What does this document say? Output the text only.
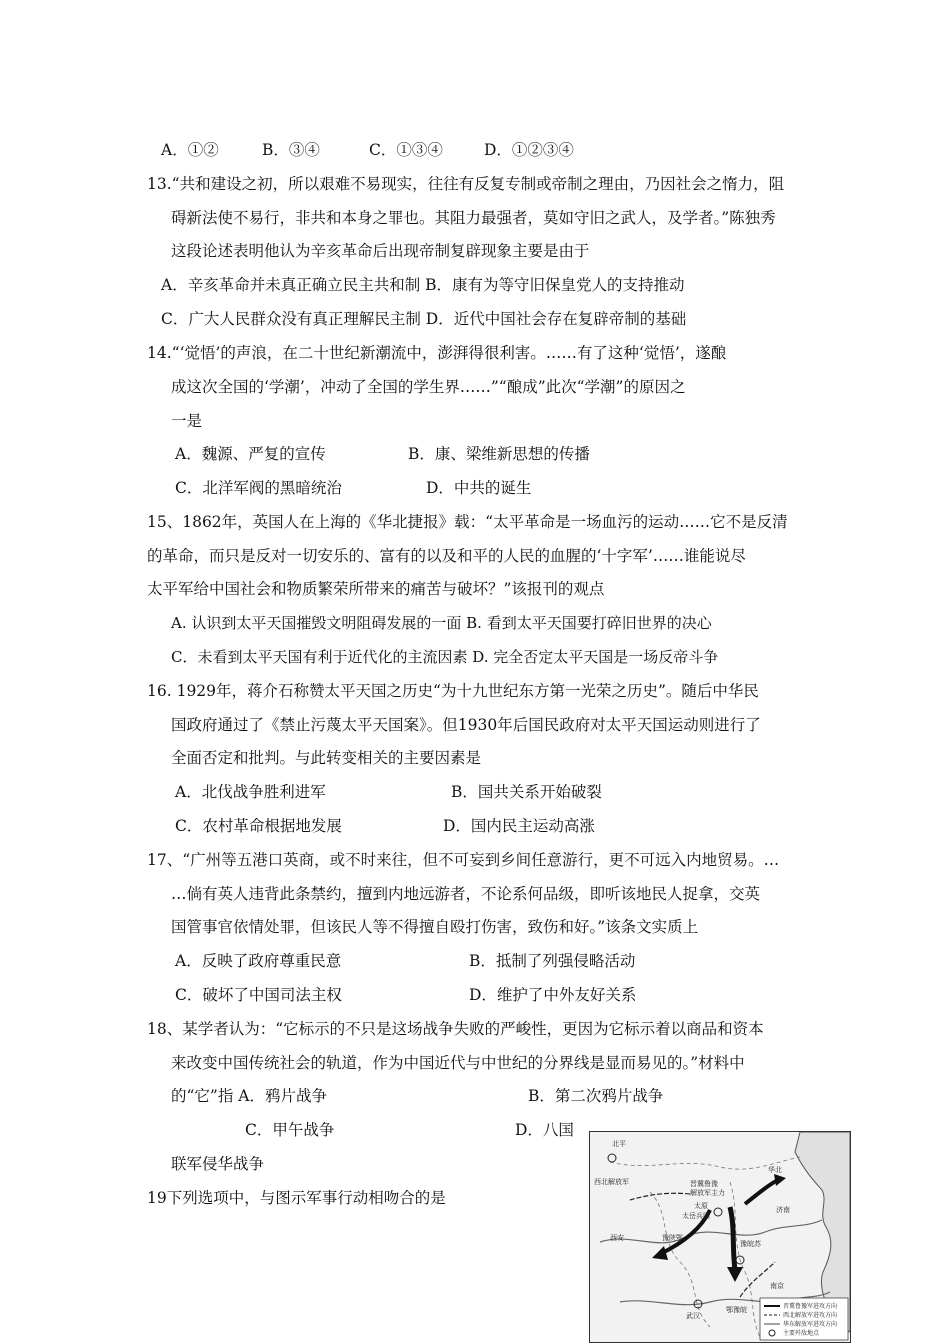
A．①②	B．③④	C．①③④	D．①②③④
13.“共和建设之初，所以艰难不易现实，往往有反复专制或帝制之理由，乃因社会之惰力，阻
碍新法使不易行，非共和本身之罪也。其阻力最强者，莫如守旧之武人，及学者。”陈独秀
这段论述表明他认为辛亥革命后出现帝制复辟现象主要是由于
A．辛亥革命并未真正确立民主共和制 B．康有为等守旧保皇党人的支持推动
C．广大人民群众没有真正理解民主制 D．近代中国社会存在复辟帝制的基础
14.“‘觉悟’的声浪，在二十世纪新潮流中，澎湃得很利害。……有了这种‘觉悟’，遂酿
成这次全国的‘学潮’，冲动了全国的学生界……”“酿成”此次“学潮”的原因之
一是
A．魏源、严复的宣传	B．康、梁维新思想的传播
C．北洋军阀的黑暗统治	D．中共的诞生
15、1862年，英国人在上海的《华北捷报》载：“太平革命是一场血污的运动……它不是反清
的革命，而只是反对一切安乐的、富有的以及和平的人民的血腥的‘十字军’……谁能说尽
太平军给中国社会和物质繁荣所带来的痛苦与破坏？”该报刊的观点
A. 认识到太平天国摧毁文明阻碍发展的一面 B. 看到太平天国要打碎旧世界的决心
C．未看到太平天国有利于近代化的主流因素 D. 完全否定太平天国是一场反帝斗争
16. 1929年，蒋介石称赞太平天国之历史“为十九世纪东方第一光荣之历史”。随后中华民
国政府通过了《禁止污蔑太平天国案》。但1930年后国民政府对太平天国运动则进行了
全面否定和批判。与此转变相关的主要因素是
A．北伐战争胜利进军	B．国共关系开始破裂
C．农村革命根据地发展	D．国内民主运动高涨
17、“广州等五港口英商，或不时来往，但不可妄到乡间任意游行，更不可远入内地贸易。…
…倘有英人违背此条禁约，擅到内地远游者，不论系何品级，即听该地民人捉拿，交英
国管事官依情处罪，但该民人等不得擅自殴打伤害，致伤和好。”该条文实质上
A．反映了政府尊重民意	B．抵制了列强侵略活动
C．破坏了中国司法主权	D．维护了中外友好关系
18、某学者认为：“它标示的不只是这场战争失败的严峻性，更因为它标示着以商品和资本
来改变中国传统社会的轨道，作为中国近代与中世纪的分界线是显而易见的。”材料中
的“它”指 A．鸦片战争	B．第二次鸦片战争
C．甲午战争	D．八国
联军侵华战争
19下列选项中，与图示军事行动相吻合的是
北平
西北解放军	晋冀鲁豫
解放军主力
华北
太岳兵团
豫陕鄂
豫皖苏
鄂豫皖
南京
武汉
太原
西安
济南
晋冀鲁豫军进攻方向
西北解放军进攻方向
华东解放军进攻方向
主要歼敌地点
